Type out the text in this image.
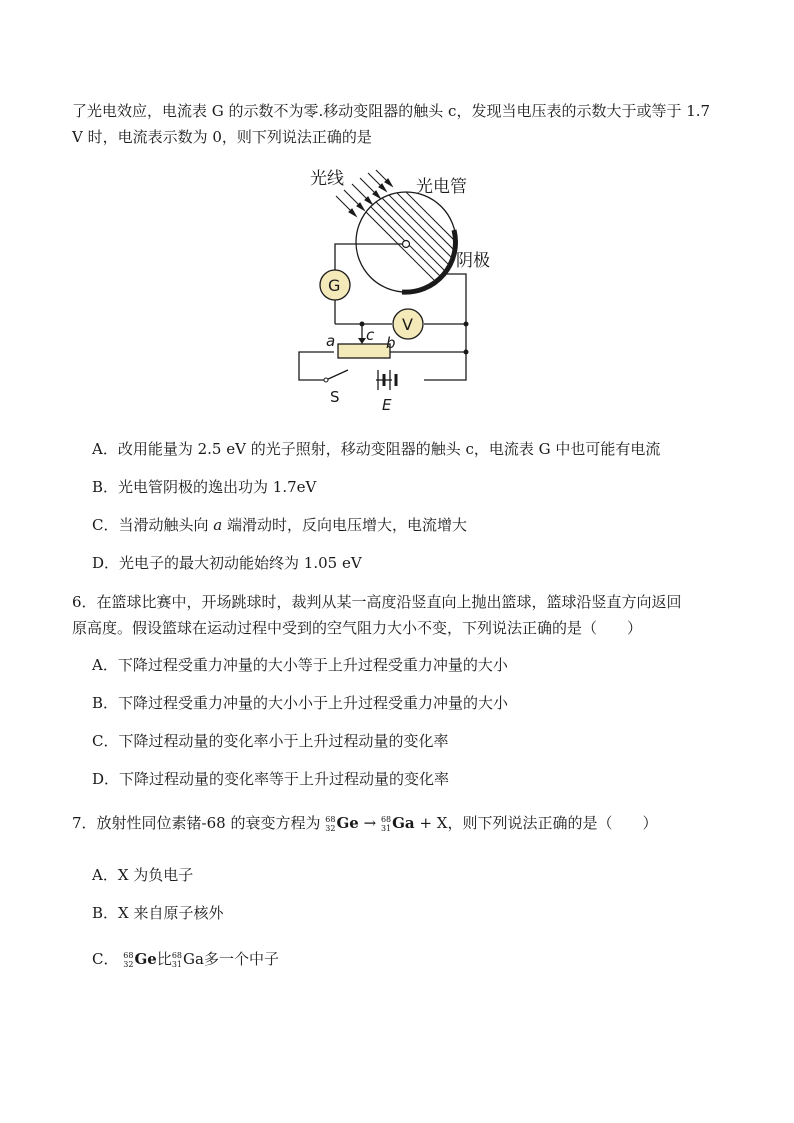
了光电效应，电流表 G 的示数不为零.移动变阻器的触头 c，发现当电压表的示数大于或等于 1.7
V 时，电流表示数为 0，则下列说法正确的是
光线	光电管
阴极
G
V
a	b
c
S	E
A．改用能量为 2.5 eV 的光子照射，移动变阻器的触头 c，电流表 G 中也可能有电流
B．光电管阴极的逸出功为 1.7eV
C．当滑动触头向 a 端滑动时，反向电压增大，电流增大
D．光电子的最大初动能始终为 1.05 eV
6．在篮球比赛中，开场跳球时，裁判从某一高度沿竖直向上抛出篮球，篮球沿竖直方向返回
原高度。假设篮球在运动过程中受到的空气阻力大小不变，下列说法正确的是（　　）
A．下降过程受重力冲量的大小等于上升过程受重力冲量的大小
B．下降过程受重力冲量的大小小于上升过程受重力冲量的大小
C．下降过程动量的变化率小于上升过程动量的变化率
D．下降过程动量的变化率等于上升过程动量的变化率
7．放射性同位素锗-68 的衰变方程为 68
32 Ge → 68
31 Ga + X，则下列说法正确的是（　　）
A．X 为负电子
B．X 来自原子核外
C． 68
32 Ge比 68
31 Ga多一个中子
